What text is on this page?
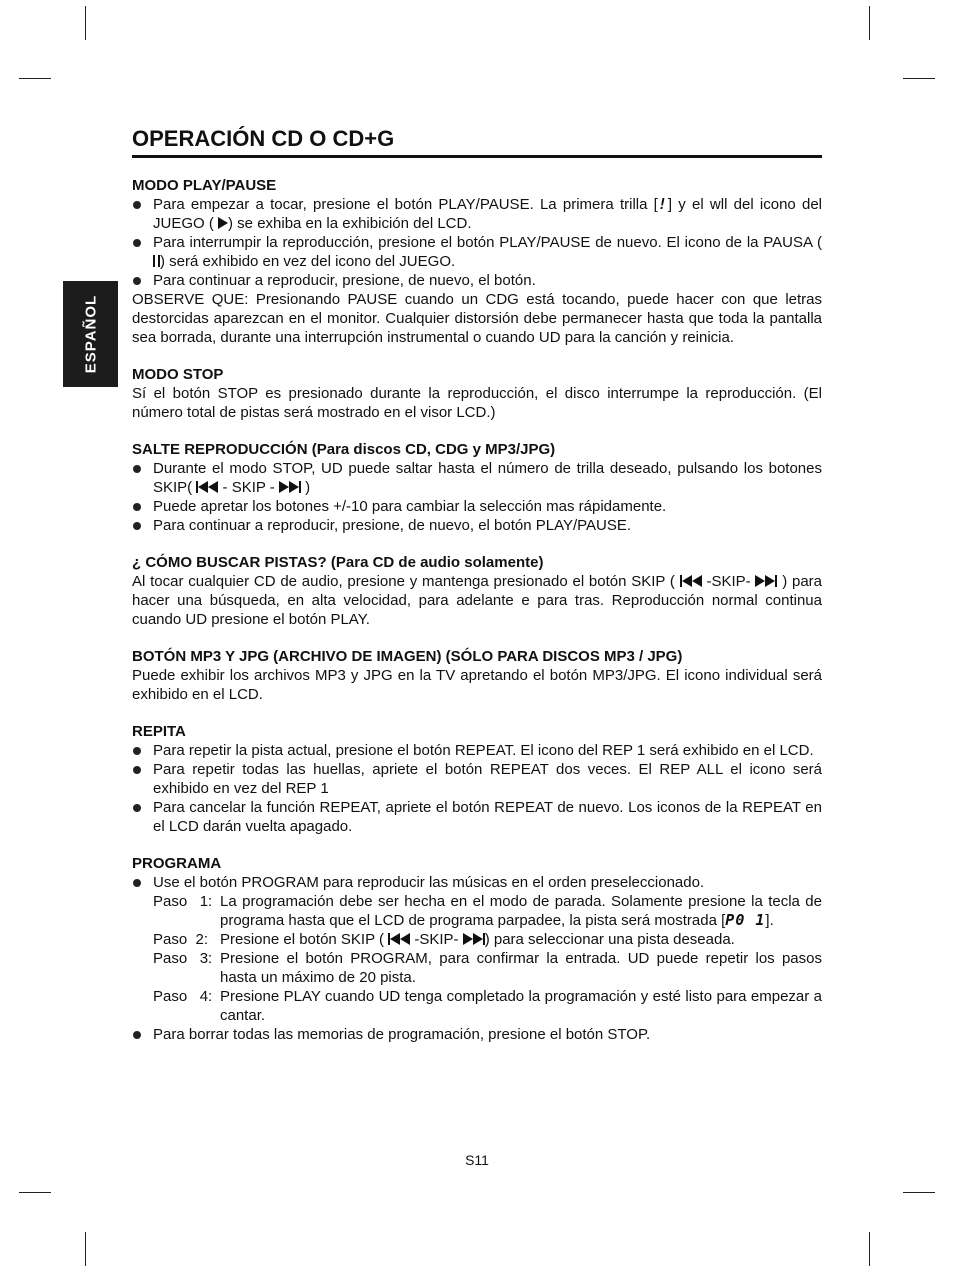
ESPAÑOL
OPERACIÓN CD O CD+G
MODO PLAY/PAUSE
Para empezar a tocar, presione el botón PLAY/PAUSE. La primera trilla [!] y el wll del icono del JUEGO (
) se exhiba en la exhibición del LCD.
Para interrumpir la reproducción, presione el botón PLAY/PAUSE de nuevo. El icono de la PAUSA (
) será exhibido en vez del icono del JUEGO.
Para continuar a reproducir, presione, de nuevo, el botón.

OBSERVE QUE: Presionando PAUSE cuando un CDG está tocando, puede hacer con que letras destorcidas aparezcan en el monitor. Cualquier distorsión debe permanecer hasta que toda la pantalla sea borrada, durante una interrupción instrumental o cuando UD para la canción y reinicia.

MODO STOP

Sí el botón STOP es presionado durante la reproducción, el disco interrumpe la reproducción. (El número total de pistas será mostrado en el visor LCD.)

SALTE REPRODUCCIÓN (Para discos CD, CDG y MP3/JPG)
Durante el modo STOP, UD puede saltar hasta el número de trilla deseado, pulsando los botones SKIP(
- SKIP -
)
Puede apretar los botones +/-10 para cambiar la selección mas rápidamente.
Para continuar a reproducir, presione, de nuevo, el botón PLAY/PAUSE.
¿ CÓMO BUSCAR PISTAS? (Para CD de audio solamente)

Al tocar cualquier CD de audio, presione y mantenga presionado el botón SKIP (
-SKIP-
) para hacer una búsqueda, en alta velocidad, para adelante e para tras. Reproducción normal continua cuando UD presione el botón PLAY.

BOTÓN MP3 Y JPG (ARCHIVO DE IMAGEN) (SÓLO PARA DISCOS MP3 / JPG)

Puede exhibir los archivos MP3 y JPG en la TV apretando el botón MP3/JPG. El icono individual será exhibido en el LCD.

REPITA
Para repetir la pista actual, presione el botón REPEAT. El icono del REP 1 será exhibido en el LCD.
Para repetir todas las huellas, apriete el botón REPEAT dos veces. El REP ALL el icono será exhibido en vez del REP 1
Para cancelar la función REPEAT, apriete el botón REPEAT de nuevo. Los iconos de la REPEAT en el LCD darán vuelta apagado.
PROGRAMA
Use el botón PROGRAM para reproducir las músicas en el orden preseleccionado.
Paso   1: La programación debe ser hecha en el modo de parada. Solamente presione la tecla de programa hasta que el LCD de programa parpadee, la pista será mostrada [P0 1].
Paso  2: Presione el botón SKIP (
-SKIP-
) para seleccionar una pista deseada.
Paso   3: Presione el botón PROGRAM, para confirmar la entrada. UD puede repetir los pasos hasta un máximo de 20 pista.
Paso   4: Presione PLAY cuando UD tenga completado la programación y esté listo para empezar a cantar.
Para borrar todas las memorias de programación, presione el botón STOP.
S11
